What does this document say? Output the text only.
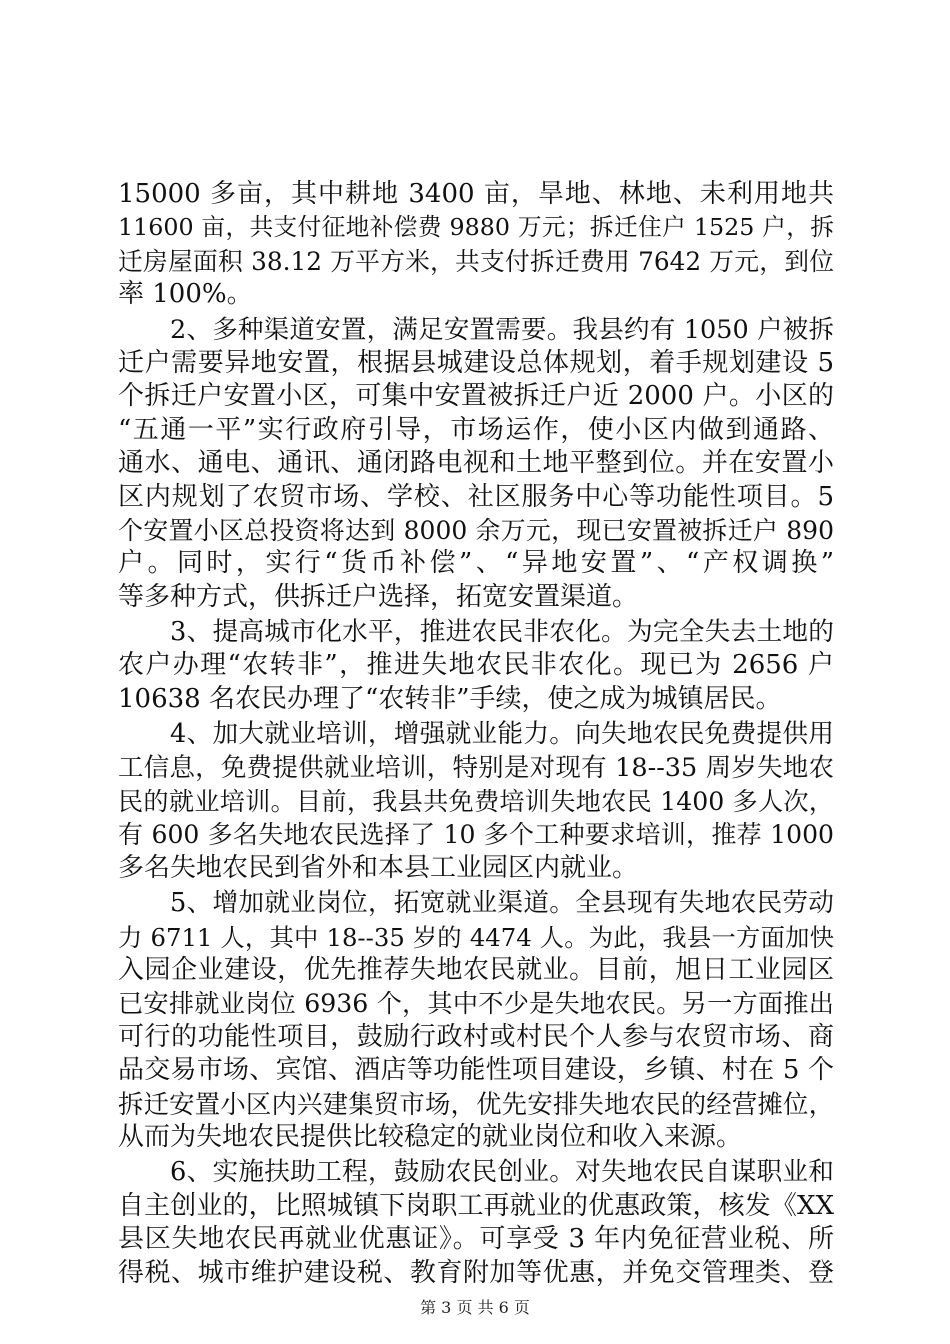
15000 多亩，其中耕地 3400 亩，旱地、林地、未利用地共
11600 亩，共支付征地补偿费 9880 万元；拆迁住户 1525 户，拆
迁房屋面积 38.12 万平方米，共支付拆迁费用 7642 万元，到位
率 100%。
2、多种渠道安置，满足安置需要。我县约有 1050 户被拆
迁户需要异地安置，根据县城建设总体规划，着手规划建设 5
个拆迁户安置小区，可集中安置被拆迁户近 2000 户。小区的
“五通一平”实行政府引导，市场运作，使小区内做到通路、
通水、通电、通讯、通闭路电视和土地平整到位。并在安置小
区内规划了农贸市场、学校、社区服务中心等功能性项目。5
个安置小区总投资将达到 8000 余万元，现已安置被拆迁户 890
户。同时，实行“货币补偿”、“异地安置”、“产权调换”
等多种方式，供拆迁户选择，拓宽安置渠道。
3、提高城市化水平，推进农民非农化。为完全失去土地的
农户办理“农转非”，推进失地农民非农化。现已为 2656 户
10638 名农民办理了“农转非”手续，使之成为城镇居民。
4、加大就业培训，增强就业能力。向失地农民免费提供用
工信息，免费提供就业培训，特别是对现有 18--35 周岁失地农
民的就业培训。目前，我县共免费培训失地农民 1400 多人次，
有 600 多名失地农民选择了 10 多个工种要求培训，推荐 1000
多名失地农民到省外和本县工业园区内就业。
5、增加就业岗位，拓宽就业渠道。全县现有失地农民劳动
力 6711 人，其中 18--35 岁的 4474 人。为此，我县一方面加快
入园企业建设，优先推荐失地农民就业。目前，旭日工业园区
已安排就业岗位 6936 个，其中不少是失地农民。另一方面推出
可行的功能性项目，鼓励行政村或村民个人参与农贸市场、商
品交易市场、宾馆、酒店等功能性项目建设，乡镇、村在 5 个
拆迁安置小区内兴建集贸市场，优先安排失地农民的经营摊位，
从而为失地农民提供比较稳定的就业岗位和收入来源。
6、实施扶助工程，鼓励农民创业。对失地农民自谋职业和
自主创业的，比照城镇下岗职工再就业的优惠政策，核发《XX
县区失地农民再就业优惠证》。可享受 3 年内免征营业税、所
得税、城市维护建设税、教育附加等优惠，并免交管理类、登
第 3 页 共 6 页
